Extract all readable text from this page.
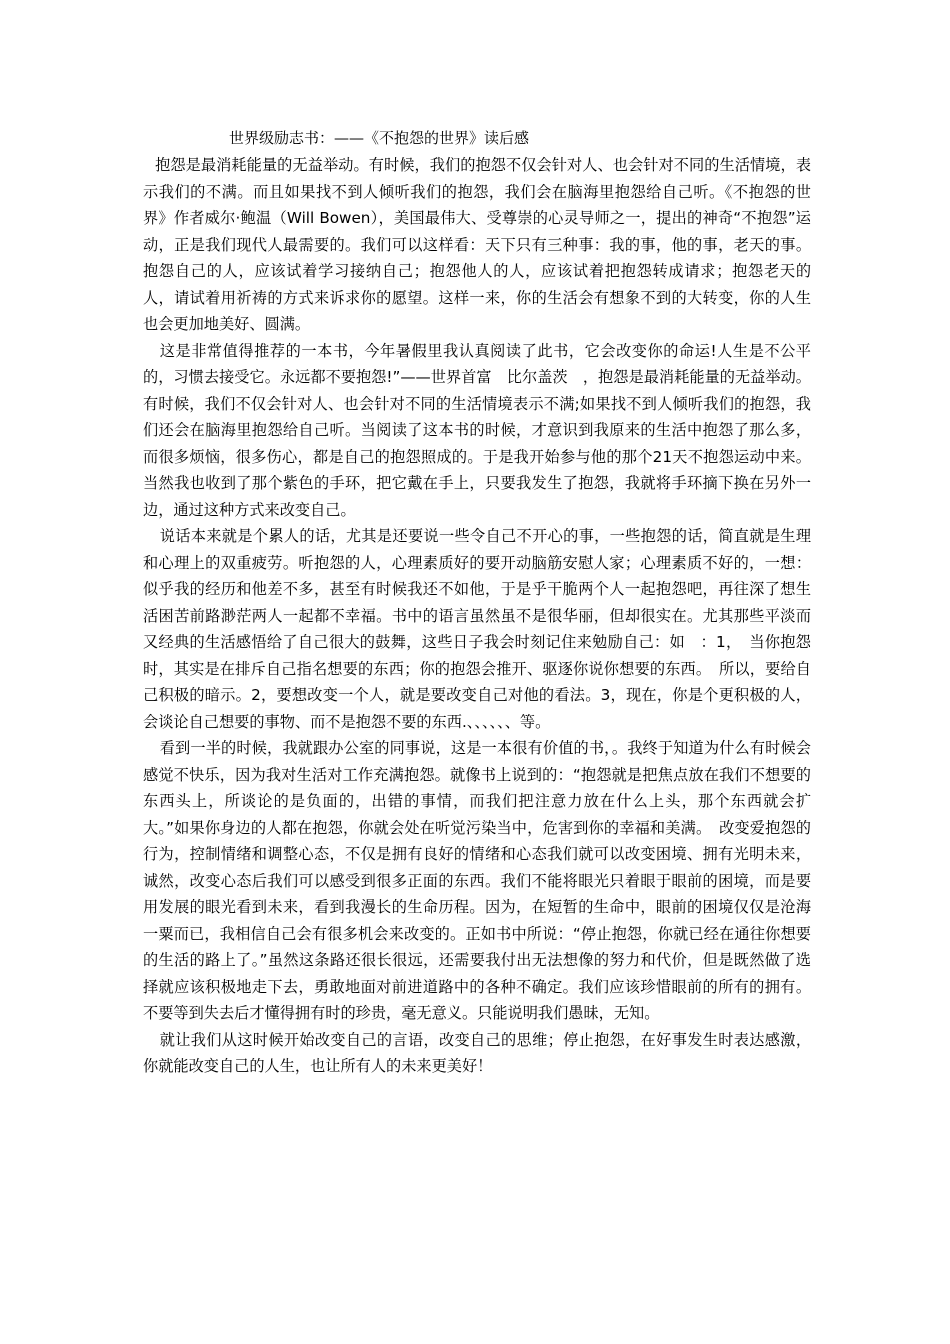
世界级励志书：——《不抱怨的世界》读后感

抱怨是最消耗能量的无益举动。有时候，我们的抱怨不仅会针对人、也会针对不同的生活情境，表示我们的不满。而且如果找不到人倾听我们的抱怨，我们会在脑海里抱怨给自己听。《不抱怨的世界》作者威尔·鲍温（Will Bowen），美国最伟大、受尊崇的心灵导师之一，提出的神奇“不抱怨”运动，正是我们现代人最需要的。我们可以这样看：天下只有三种事：我的事，他的事，老天的事。抱怨自己的人，应该试着学习接纳自己；抱怨他人的人，应该试着把抱怨转成请求；抱怨老天的人，请试着用祈祷的方式来诉求你的愿望。这样一来，你的生活会有想象不到的大转变，你的人生也会更加地美好、圆满。

这是非常值得推荐的一本书，今年暑假里我认真阅读了此书，它会改变你的命运!人生是不公平的，习惯去接受它。永远都不要抱怨!”——世界首富　比尔盖茨　，抱怨是最消耗能量的无益举动。有时候，我们不仅会针对人、也会针对不同的生活情境表示不满;如果找不到人倾听我们的抱怨，我们还会在脑海里抱怨给自己听。当阅读了这本书的时候，才意识到我原来的生活中抱怨了那么多，而很多烦恼，很多伤心，都是自己的抱怨照成的。于是我开始参与他的那个21天不抱怨运动中来。当然我也收到了那个紫色的手环，把它戴在手上，只要我发生了抱怨，我就将手环摘下换在另外一边，通过这种方式来改变自己。

说话本来就是个累人的话，尤其是还要说一些令自己不开心的事，一些抱怨的话，简直就是生理和心理上的双重疲劳。听抱怨的人，心理素质好的要开动脑筋安慰人家；心理素质不好的，一想：似乎我的经历和他差不多，甚至有时候我还不如他，于是乎干脆两个人一起抱怨吧，再往深了想生活困苦前路渺茫两人一起都不幸福。书中的语言虽然虽不是很华丽，但却很实在。尤其那些平淡而又经典的生活感悟给了自己很大的鼓舞，这些日子我会时刻记住来勉励自己：如　：1，　当你抱怨时，其实是在排斥自己指名想要的东西；你的抱怨会推开、驱逐你说你想要的东西。　所以，要给自己积极的暗示。2，要想改变一个人，就是要改变自己对他的看法。3，现在，你是个更积极的人，会谈论自己想要的事物、而不是抱怨不要的东西.、、、、、、等。

看到一半的时候，我就跟办公室的同事说，这是一本很有价值的书，。我终于知道为什么有时候会感觉不快乐，因为我对生活对工作充满抱怨。就像书上说到的：“抱怨就是把焦点放在我们不想要的东西头上，所谈论的是负面的，出错的事情，而我们把注意力放在什么上头，那个东西就会扩大。”如果你身边的人都在抱怨，你就会处在听觉污染当中，危害到你的幸福和美满。　改变爱抱怨的行为，控制情绪和调整心态，不仅是拥有良好的情绪和心态我们就可以改变困境、拥有光明未来，诚然，改变心态后我们可以感受到很多正面的东西。我们不能将眼光只着眼于眼前的困境，而是要用发展的眼光看到未来，看到我漫长的生命历程。因为，在短暂的生命中，眼前的困境仅仅是沧海一粟而已，我相信自己会有很多机会来改变的。正如书中所说：“停止抱怨，你就已经在通往你想要的生活的路上了。”虽然这条路还很长很远，还需要我付出无法想像的努力和代价，但是既然做了选择就应该积极地走下去，勇敢地面对前进道路中的各种不确定。我们应该珍惜眼前的所有的拥有。不要等到失去后才懂得拥有时的珍贵，毫无意义。只能说明我们愚昧，无知。

就让我们从这时候开始改变自己的言语，改变自己的思维；停止抱怨，在好事发生时表达感激，你就能改变自己的人生，也让所有人的未来更美好！
